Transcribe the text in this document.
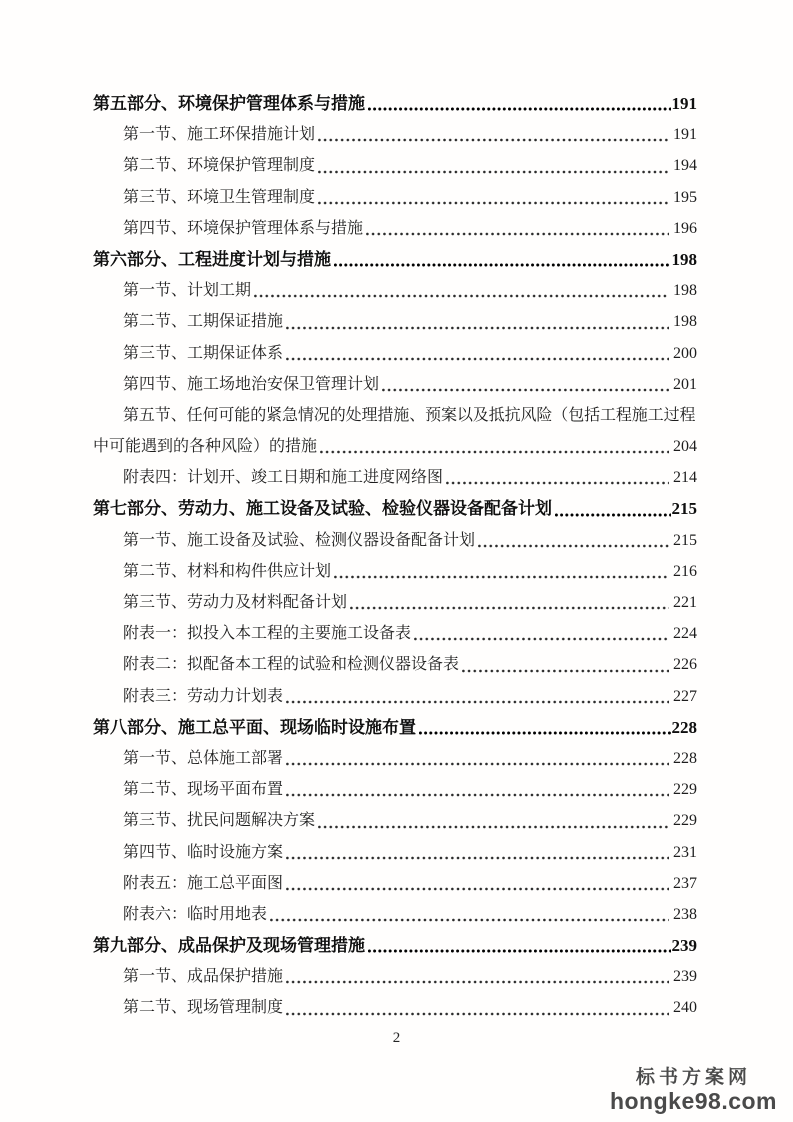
第五部分、环境保护管理体系与措施	191
第一节、施工环保措施计划	191
第二节、环境保护管理制度	194
第三节、环境卫生管理制度	195
第四节、环境保护管理体系与措施	196
第六部分、工程进度计划与措施	198
第一节、计划工期	198
第二节、工期保证措施	198
第三节、工期保证体系	200
第四节、施工场地治安保卫管理计划	201
第五节、任何可能的紧急情况的处理措施、预案以及抵抗风险（包括工程施工过程
中可能遇到的各种风险）的措施	204
附表四：计划开、竣工日期和施工进度网络图	214
第七部分、劳动力、施工设备及试验、检验仪器设备配备计划	215
第一节、施工设备及试验、检测仪器设备配备计划	215
第二节、材料和构件供应计划	216
第三节、劳动力及材料配备计划	221
附表一：拟投入本工程的主要施工设备表	224
附表二：拟配备本工程的试验和检测仪器设备表	226
附表三：劳动力计划表	227
第八部分、施工总平面、现场临时设施布置	228
第一节、总体施工部署	228
第二节、现场平面布置	229
第三节、扰民问题解决方案	229
第四节、临时设施方案	231
附表五：施工总平面图	237
附表六：临时用地表	238
第九部分、成品保护及现场管理措施	239
第一节、成品保护措施	239
第二节、现场管理制度	240
2
标书方案网
hongke98.com
